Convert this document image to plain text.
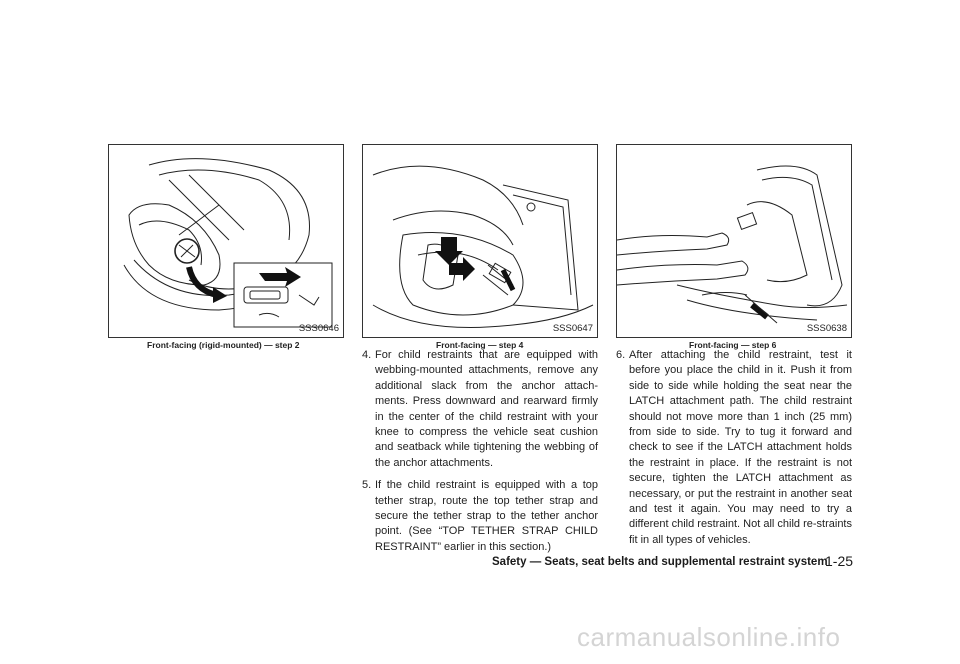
SSS0646
Front-facing (rigid-mounted) — step 2
SSS0647
Front-facing — step 4
SSS0638
Front-facing — step 6
4. For child restraints that are equipped with webbing-mounted attachments, remove any additional slack from the anchor attach-ments. Press downward and rearward firmly in the center of the child restraint with your knee to compress the vehicle seat cushion and seatback while tightening the webbing of the anchor attachments.
5. If the child restraint is equipped with a top tether strap, route the top tether strap and secure the tether strap to the tether anchor point. (See “TOP TETHER STRAP CHILD RESTRAINT” earlier in this section.)
6. After attaching the child restraint, test it before you place the child in it. Push it from side to side while holding the seat near the LATCH attachment path. The child restraint should not move more than 1 inch (25 mm) from side to side. Try to tug it forward and check to see if the LATCH attachment holds the restraint in place. If the restraint is not secure, tighten the LATCH attachment as necessary, or put the restraint in another seat and test it again. You may need to try a different child restraint. Not all child re-straints fit in all types of vehicles.
Safety — Seats, seat belts and supplemental restraint system
1-25
carmanualsonline.info
